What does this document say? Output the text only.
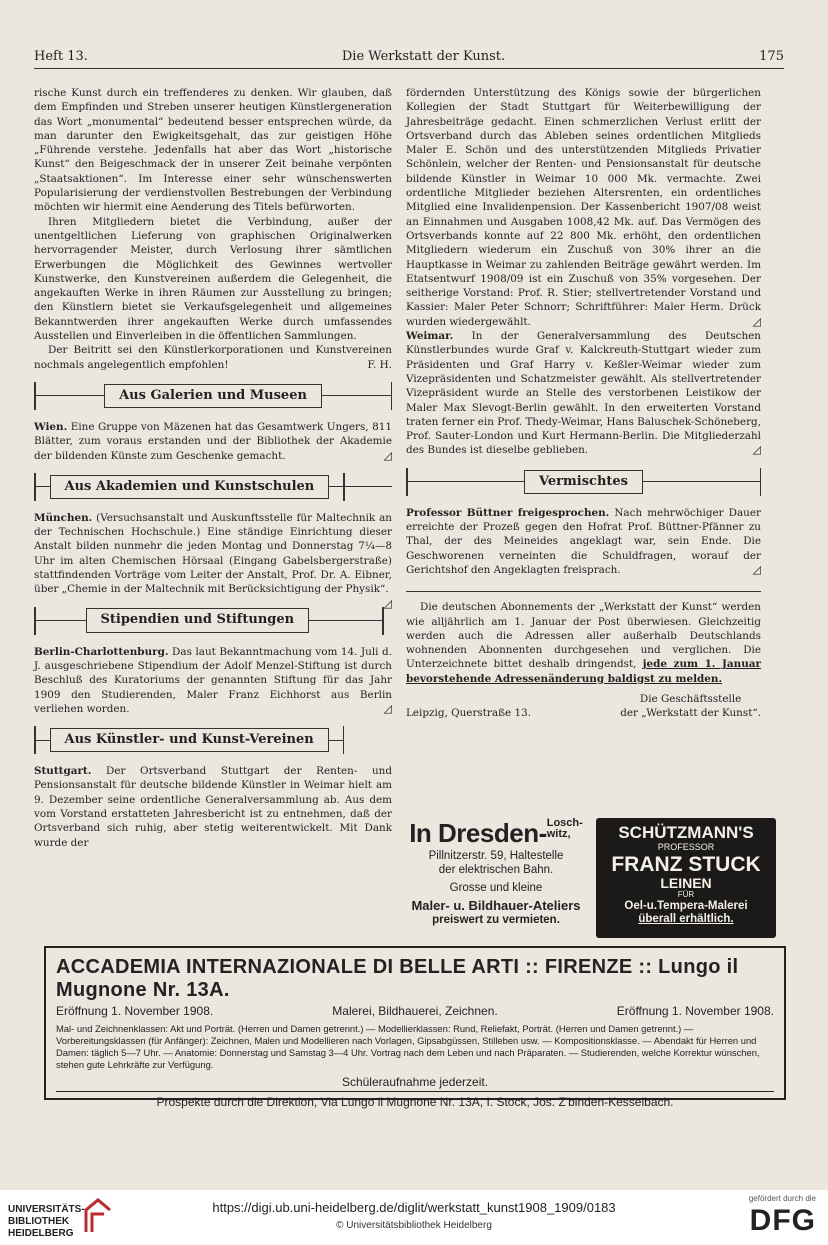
Heft 13.	Die Werkstatt der Kunst.	175

rische Kunst durch ein treffenderes zu denken. Wir glauben, daß dem Empfinden und Streben unserer heutigen Künstlergeneration das Wort „monumental“ bedeutend besser entsprechen würde, da man darunter den Ewigkeitsgehalt, das zur geistigen Höhe „Führende verstehe. Jedenfalls hat aber das Wort „historische Kunst“ den Beigeschmack der in unserer Zeit beinahe verpönten „Staatsaktionen“. Im Interesse einer sehr wünschenswerten Popularisierung der verdienstvollen Bestrebungen der Verbindung möchten wir hiermit eine Aenderung des Titels befürworten.

Ihren Mitgliedern bietet die Verbindung, außer der unentgeltlichen Lieferung von graphischen Originalwerken hervorragender Meister, durch Verlosung ihrer sämtlichen Erwerbungen die Möglichkeit des Gewinnes wertvoller Kunstwerke, den Kunstvereinen außerdem die Gelegenheit, die angekauften Werke in ihren Räumen zur Ausstellung zu bringen; den Künstlern bietet sie Verkaufsgelegenheit und allgemeines Bekanntwerden ihrer angekauften Werke durch umfassendes Ausstellen und Einverleiben in die öffentlichen Sammlungen.

Der Beitritt sei den Künstlerkorporationen und Kunstvereinen nochmals angelegentlich empfohlen!	F. H.

Aus Galerien und Museen

Wien. Eine Gruppe von Mäzenen hat das Gesamtwerk Ungers, 811 Blätter, zum voraus erstanden und der Bibliothek der Akademie der bildenden Künste zum Geschenke gemacht.	◿

Aus Akademien und Kunstschulen

München. (Versuchsanstalt und Auskunftsstelle für Maltechnik an der Technischen Hochschule.) Eine ständige Einrichtung dieser Anstalt bilden nunmehr die jeden Montag und Donnerstag 7¼—8 Uhr im alten Chemischen Hörsaal (Eingang Gabelsbergerstraße) stattfindenden Vorträge vom Leiter der Anstalt, Prof. Dr. A. Eibner, über „Chemie in der Maltechnik mit Berücksichtigung der Physik“.
◿

Stipendien und Stiftungen

Berlin-Charlottenburg. Das laut Bekanntmachung vom 14. Juli d. J. ausgeschriebene Stipendium der Adolf Menzel-Stiftung ist durch Beschluß des Kuratoriums der genannten Stiftung für das Jahr 1909 den Studierenden, Maler Franz Eichhorst aus Berlin verliehen worden.	◿

Aus Künstler- und Kunst-Vereinen

Stuttgart. Der Ortsverband Stuttgart der Renten- und Pensionsanstalt für deutsche bildende Künstler in Weimar hielt am 9. Dezember seine ordentliche Generalversammlung ab. Aus dem vom Vorstand erstatteten Jahresbericht ist zu entnehmen, daß der Ortsverband sich ruhig, aber stetig weiterentwickelt. Mit Dank wurde der

fördernden Unterstützung des Königs sowie der bürgerlichen Kollegien der Stadt Stuttgart für Weiterbewilligung der Jahresbeiträge gedacht. Einen schmerzlichen Verlust erlitt der Ortsverband durch das Ableben seines ordentlichen Mitglieds Maler E. Schön und des unterstützenden Mitglieds Privatier Schönlein, welcher der Renten- und Pensionsanstalt für deutsche bildende Künstler in Weimar 10 000 Mk. vermachte. Zwei ordentliche Mitglieder beziehen Altersrenten, ein ordentliches Mitglied eine Invalidenpension. Der Kassenbericht 1907/08 weist an Einnahmen und Ausgaben 1008,42 Mk. auf. Das Vermögen des Ortsverbands konnte auf 22 800 Mk. erhöht, den ordentlichen Mitgliedern wiederum ein Zuschuß von 30% ihrer an die Hauptkasse in Weimar zu zahlenden Beiträge gewährt werden. Im Etatsentwurf 1908/09 ist ein Zuschuß von 35% vorgesehen. Der seitherige Vorstand: Prof. R. Stier; stellvertretender Vorstand und Kassier: Maler Peter Schnorr; Schriftführer: Maler Herm. Drück wurden wiedergewählt.	◿

Weimar. In der Generalversammlung des Deutschen Künstlerbundes wurde Graf v. Kalckreuth-Stuttgart wieder zum Präsidenten und Graf Harry v. Keßler-Weimar wieder zum Vizepräsidenten und Schatzmeister gewählt. Als stellvertretender Vizepräsident wurde an Stelle des verstorbenen Leistikow der Maler Max Slevogt-Berlin gewählt. In den erweiterten Vorstand traten ferner ein Prof. Thedy-Weimar, Hans Baluschek-Schöneberg, Prof. Sauter-London und Kurt Hermann-Berlin. Die Mitgliederzahl des Bundes ist dieselbe geblieben.	◿

Vermischtes

Professor Büttner freigesprochen. Nach mehrwöchiger Dauer erreichte der Prozeß gegen den Hofrat Prof. Büttner-Pfänner zu Thal, der des Meineides angeklagt war, sein Ende. Die Geschworenen verneinten die Schuldfragen, worauf der Gerichtshof den Angeklagten freisprach.	◿

Die deutschen Abonnements der „Werkstatt der Kunst“ werden wie alljährlich am 1. Januar der Post überwiesen. Gleichzeitig werden auch die Adressen aller außerhalb Deutschlands wohnenden Abonnenten durchgesehen und verglichen. Die Unterzeichnete bittet deshalb dringendst, jede zum 1. Januar bevorstehende Adressenänderung baldigst zu melden.

Leipzig, Querstraße 13.
Die Geschäftsstelle
der „Werkstatt der Kunst“.
In Dresden-Losch-
witz,
Pillnitzerstr. 59, Haltestelle
der elektrischen Bahn.
Grosse und kleine
Maler- u. Bildhauer-Ateliers
preiswert zu vermieten.
SCHÜTZMANN'S
PROFESSOR
FRANZ STUCK
LEINEN
FÜR
Oel-u.Tempera-Malerei
überall erhältlich.
ACCADEMIA INTERNAZIONALE DI BELLE ARTI :: FIRENZE :: Lungo il Mugnone Nr. 13A.
Eröffnung 1. November 1908.	Malerei, Bildhauerei, Zeichnen.	Eröffnung 1. November 1908.
Mal- und Zeichnenklassen: Akt und Porträt. (Herren und Damen getrennt.) — Modellierklassen: Rund, Reliefakt, Porträt. (Herren und Damen getrennt.) — Vorbereitungsklassen (für Anfänger): Zeichnen, Malen und Modellieren nach Vorlagen, Gipsabgüssen, Stilleben usw. — Kompositionsklasse. — Abendakt für Herren und Damen: täglich 5—7 Uhr. — Anatomie: Donnerstag und Samstag 3—4 Uhr. Vortrag nach dem Leben und nach Präparaten. — Studierenden, welche Korrektur wünschen, stehen gute Lehrkräfte zur Verfügung.
Schüleraufnahme jederzeit.
Prospekte durch die Direktion, Via Lungo il Mugnone Nr. 13A, I. Stock, Jos. Z'binden-Kesselbach.
UNIVERSITÄTS-
BIBLIOTHEK
HEIDELBERG
https://digi.ub.uni-heidelberg.de/diglit/werkstatt_kunst1908_1909/0183
© Universitätsbibliothek Heidelberg
gefördert durch die
DFG
